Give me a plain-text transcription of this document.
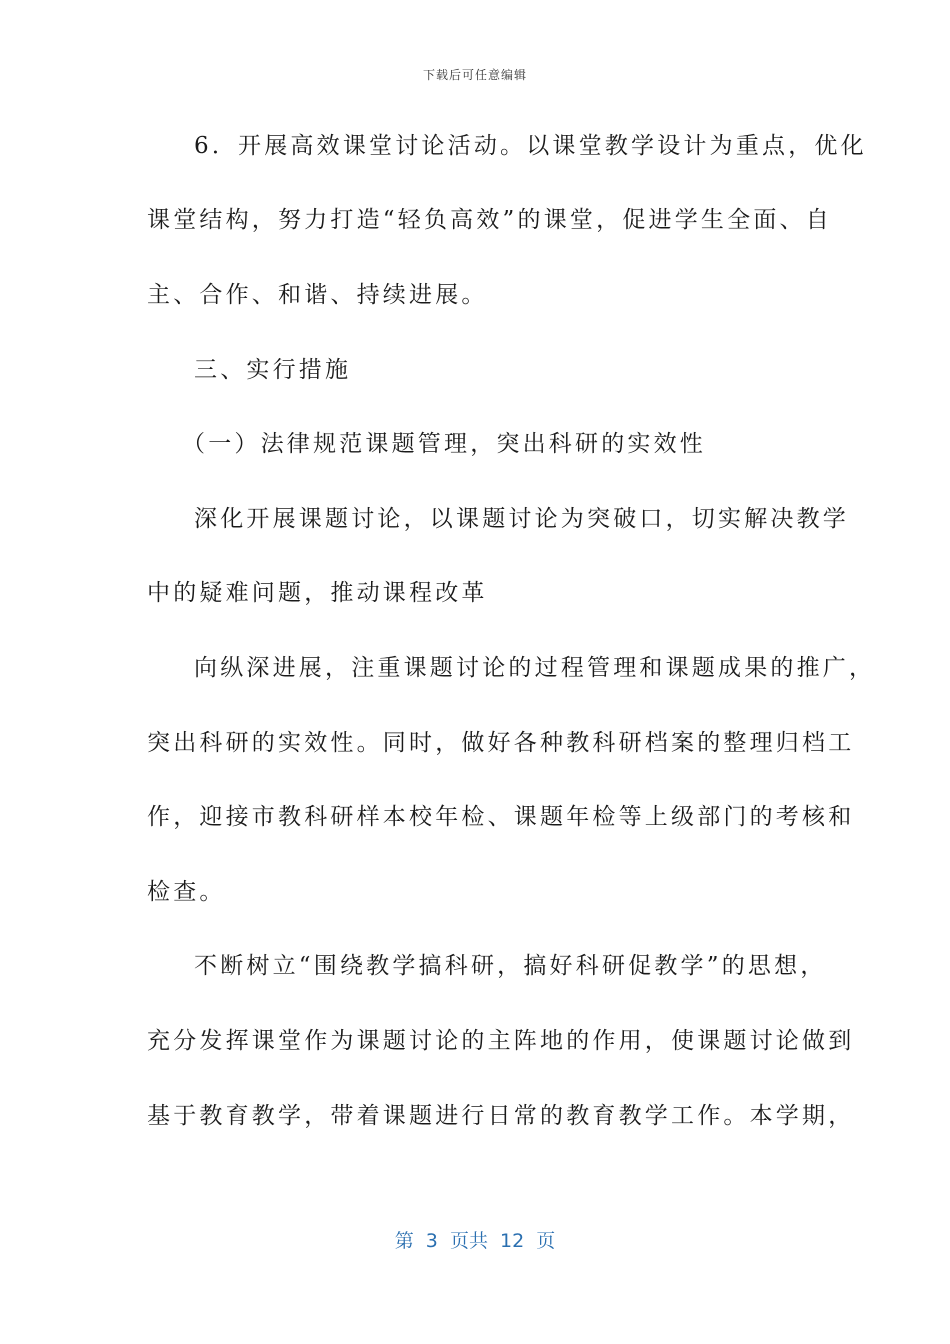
下载后可任意编辑
6．开展高效课堂讨论活动。以课堂教学设计为重点，优化
课堂结构，努力打造“轻负高效”的课堂，促进学生全面、自
主、合作、和谐、持续进展。
三、实行措施
（一）法律规范课题管理，突出科研的实效性
深化开展课题讨论，以课题讨论为突破口，切实解决教学
中的疑难问题，推动课程改革
向纵深进展，注重课题讨论的过程管理和课题成果的推广，
突出科研的实效性。同时，做好各种教科研档案的整理归档工
作，迎接市教科研样本校年检、课题年检等上级部门的考核和
检查。
不断树立“围绕教学搞科研，搞好科研促教学”的思想，
充分发挥课堂作为课题讨论的主阵地的作用，使课题讨论做到
基于教育教学，带着课题进行日常的教育教学工作。本学期，
第  3  页共  12  页
